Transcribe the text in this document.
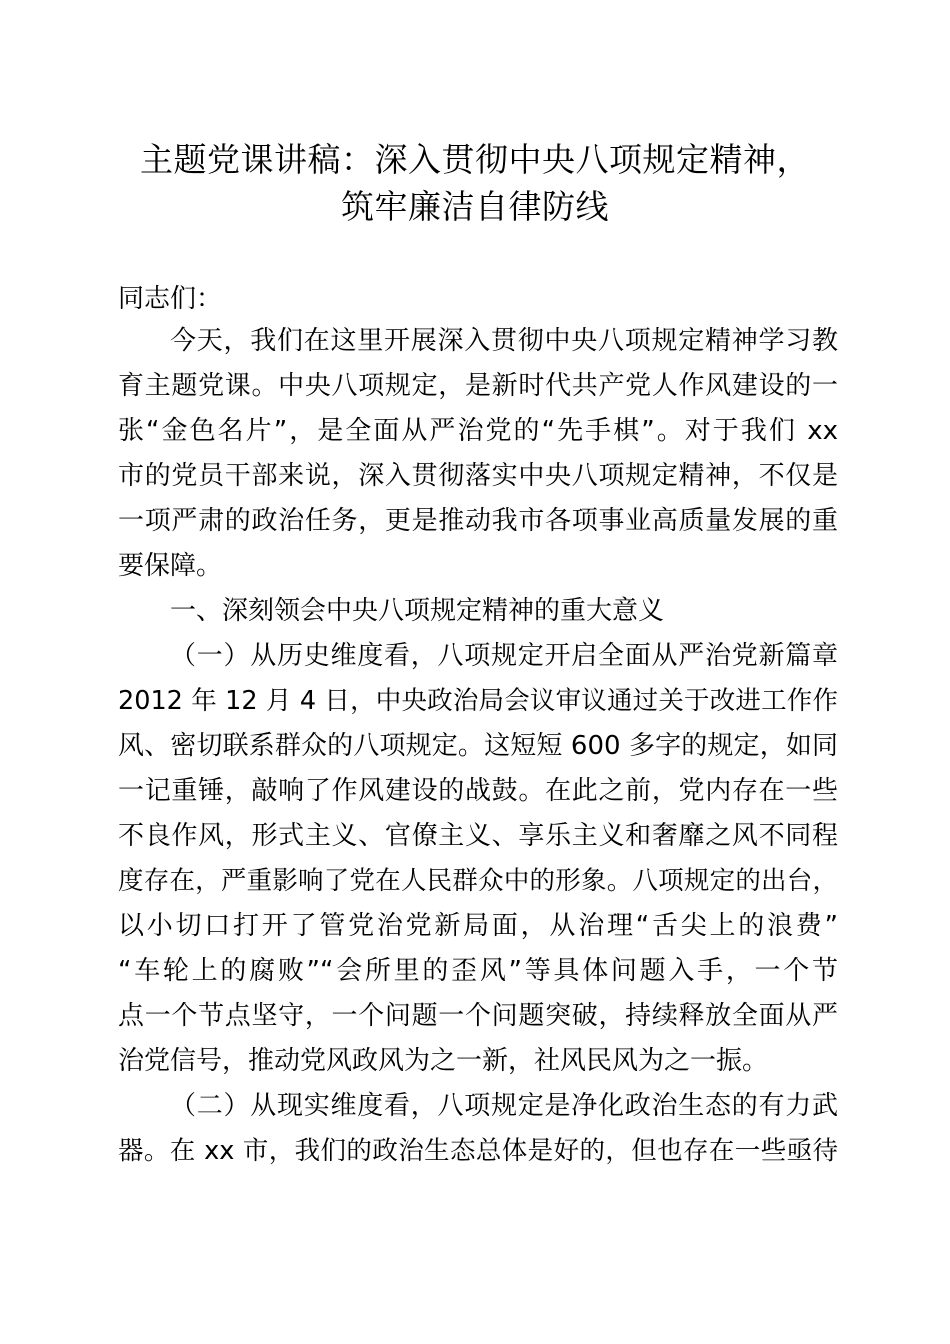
主题党课讲稿：深入贯彻中央八项规定精神，
筑牢廉洁自律防线
同志们：
今天，我们在这里开展深入贯彻中央八项规定精神学习教
育主题党课。中央八项规定，是新时代共产党人作风建设的一
张“金色名片”，是全面从严治党的“先手棋”。对于我们 xx
市的党员干部来说，深入贯彻落实中央八项规定精神，不仅是
一项严肃的政治任务，更是推动我市各项事业高质量发展的重
要保障。
一、深刻领会中央八项规定精神的重大意义
（一）从历史维度看，八项规定开启全面从严治党新篇章
2012 年 12 月 4 日，中央政治局会议审议通过关于改进工作作
风、密切联系群众的八项规定。这短短 600 多字的规定，如同
一记重锤，敲响了作风建设的战鼓。在此之前，党内存在一些
不良作风，形式主义、官僚主义、享乐主义和奢靡之风不同程
度存在，严重影响了党在人民群众中的形象。八项规定的出台，
以小切口打开了管党治党新局面，从治理“舌尖上的浪费”
“车轮上的腐败”“会所里的歪风”等具体问题入手，一个节
点一个节点坚守，一个问题一个问题突破，持续释放全面从严
治党信号，推动党风政风为之一新，社风民风为之一振。
（二）从现实维度看，八项规定是净化政治生态的有力武
器。在 xx 市，我们的政治生态总体是好的，但也存在一些亟待
